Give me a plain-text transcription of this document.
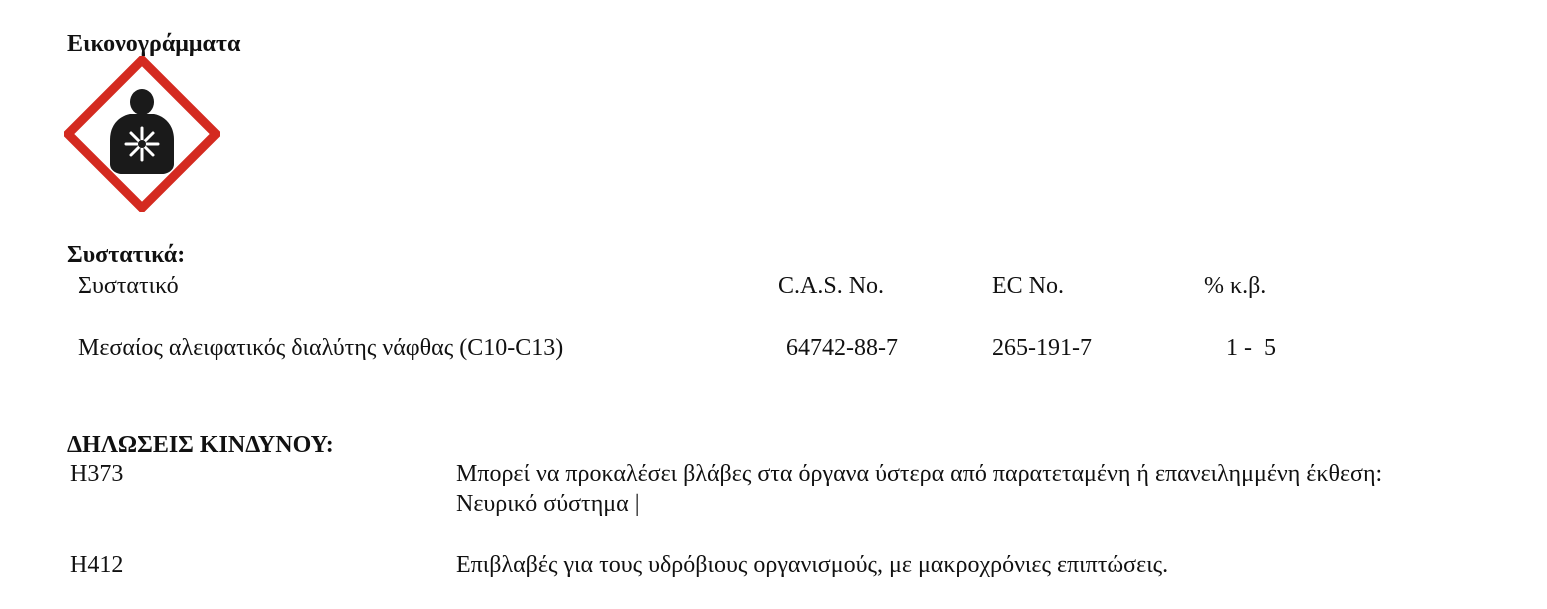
Εικονογράμματα
Συστατικά:
Συστατικό	C.A.S. No.	EC No.	% κ.β.
Μεσαίος αλειφατικός διαλύτης νάφθας (C10-C13)	64742-88-7	265-191-7	1 -  5
ΔΗΛΩΣΕΙΣ ΚΙΝΔΥΝΟΥ:
H373	Μπορεί να προκαλέσει βλάβες στα όργανα ύστερα από παρατεταμένη ή επανειλημμένη έκθεση:
Νευρικό σύστημα |
H412	Επιβλαβές για τους υδρόβιους οργανισμούς, με μακροχρόνιες επιπτώσεις.
